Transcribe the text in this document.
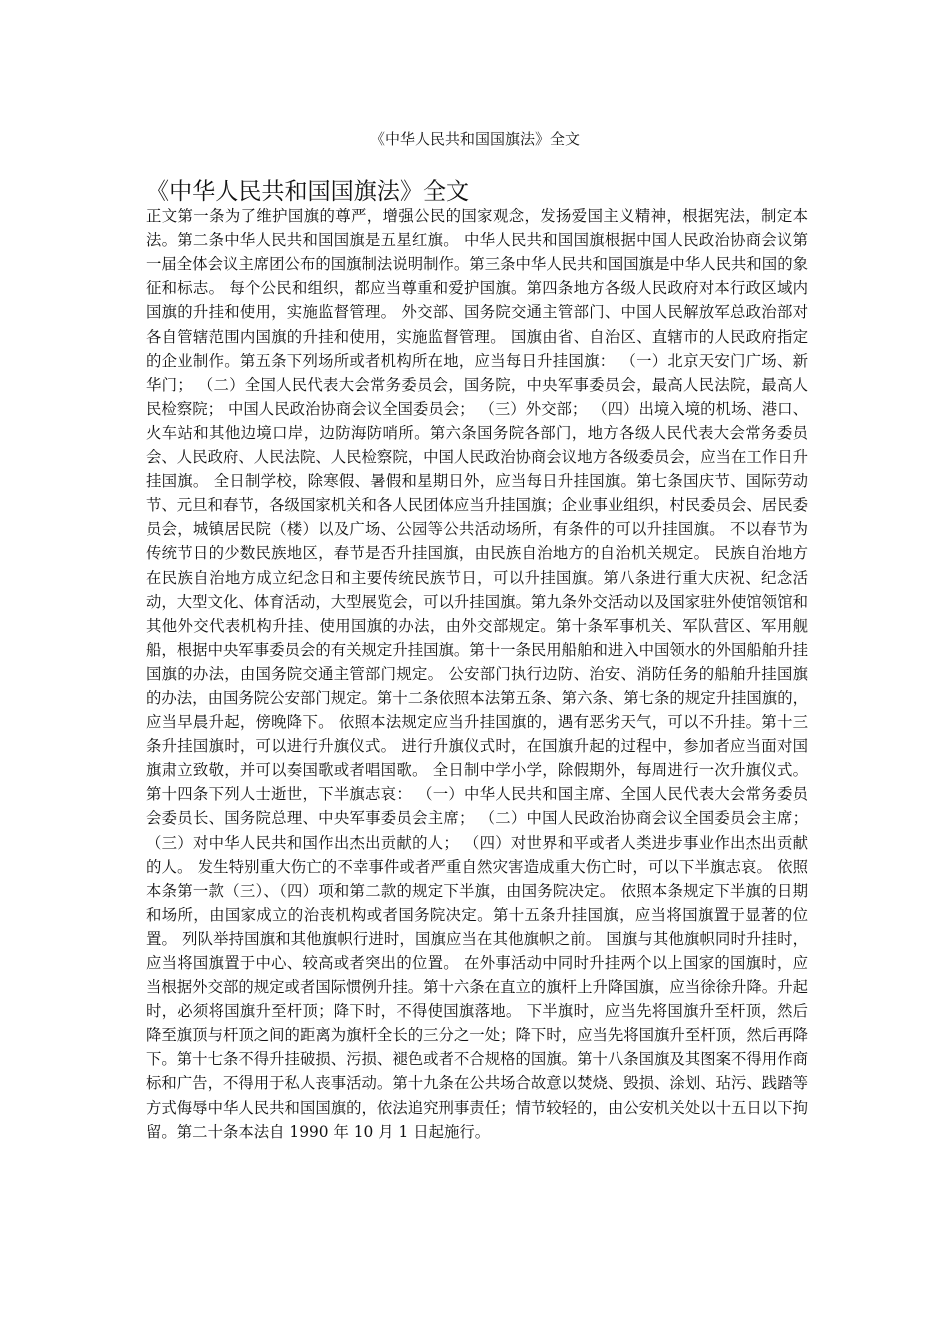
《中华人民共和国国旗法》全文
《中华人民共和国国旗法》全文

正文第一条为了维护国旗的尊严，增强公民的国家观念，发扬爱国主义精神，根据宪法，制定本法。第二条中华人民共和国国旗是五星红旗。 中华人民共和国国旗根据中国人民政治协商会议第一届全体会议主席团公布的国旗制法说明制作。第三条中华人民共和国国旗是中华人民共和国的象征和标志。 每个公民和组织，都应当尊重和爱护国旗。第四条地方各级人民政府对本行政区域内国旗的升挂和使用，实施监督管理。 外交部、国务院交通主管部门、中国人民解放军总政治部对各自管辖范围内国旗的升挂和使用，实施监督管理。 国旗由省、自治区、直辖市的人民政府指定的企业制作。第五条下列场所或者机构所在地，应当每日升挂国旗： （一）北京天安门广场、新华门； （二）全国人民代表大会常务委员会，国务院，中央军事委员会，最高人民法院，最高人民检察院； 中国人民政治协商会议全国委员会； （三）外交部； （四）出境入境的机场、港口、火车站和其他边境口岸，边防海防哨所。第六条国务院各部门，地方各级人民代表大会常务委员会、人民政府、人民法院、人民检察院，中国人民政治协商会议地方各级委员会，应当在工作日升挂国旗。 全日制学校，除寒假、暑假和星期日外，应当每日升挂国旗。第七条国庆节、国际劳动节、元旦和春节，各级国家机关和各人民团体应当升挂国旗；企业事业组织，村民委员会、居民委员会，城镇居民院（楼）以及广场、公园等公共活动场所，有条件的可以升挂国旗。 不以春节为传统节日的少数民族地区，春节是否升挂国旗，由民族自治地方的自治机关规定。 民族自治地方在民族自治地方成立纪念日和主要传统民族节日，可以升挂国旗。第八条进行重大庆祝、纪念活动，大型文化、体育活动，大型展览会，可以升挂国旗。第九条外交活动以及国家驻外使馆领馆和其他外交代表机构升挂、使用国旗的办法，由外交部规定。第十条军事机关、军队营区、军用舰船，根据中央军事委员会的有关规定升挂国旗。第十一条民用船舶和进入中国领水的外国船舶升挂国旗的办法，由国务院交通主管部门规定。 公安部门执行边防、治安、消防任务的船舶升挂国旗的办法，由国务院公安部门规定。第十二条依照本法第五条、第六条、第七条的规定升挂国旗的，应当早晨升起，傍晚降下。 依照本法规定应当升挂国旗的，遇有恶劣天气，可以不升挂。第十三条升挂国旗时，可以进行升旗仪式。 进行升旗仪式时，在国旗升起的过程中，参加者应当面对国旗肃立致敬，并可以奏国歌或者唱国歌。 全日制中学小学，除假期外，每周进行一次升旗仪式。第十四条下列人士逝世，下半旗志哀： （一）中华人民共和国主席、全国人民代表大会常务委员会委员长、国务院总理、中央军事委员会主席； （二）中国人民政治协商会议全国委员会主席； （三）对中华人民共和国作出杰出贡献的人； （四）对世界和平或者人类进步事业作出杰出贡献的人。 发生特别重大伤亡的不幸事件或者严重自然灾害造成重大伤亡时，可以下半旗志哀。 依照本条第一款（三）、（四）项和第二款的规定下半旗，由国务院决定。 依照本条规定下半旗的日期和场所，由国家成立的治丧机构或者国务院决定。第十五条升挂国旗，应当将国旗置于显著的位置。 列队举持国旗和其他旗帜行进时，国旗应当在其他旗帜之前。 国旗与其他旗帜同时升挂时，应当将国旗置于中心、较高或者突出的位置。 在外事活动中同时升挂两个以上国家的国旗时，应当根据外交部的规定或者国际惯例升挂。第十六条在直立的旗杆上升降国旗，应当徐徐升降。升起时，必须将国旗升至杆顶；降下时，不得使国旗落地。 下半旗时，应当先将国旗升至杆顶，然后降至旗顶与杆顶之间的距离为旗杆全长的三分之一处；降下时，应当先将国旗升至杆顶，然后再降下。第十七条不得升挂破损、污损、褪色或者不合规格的国旗。第十八条国旗及其图案不得用作商标和广告，不得用于私人丧事活动。第十九条在公共场合故意以焚烧、毁损、涂划、玷污、践踏等方式侮辱中华人民共和国国旗的，依法追究刑事责任；情节较轻的，由公安机关处以十五日以下拘留。第二十条本法自 1990 年 10 月 1 日起施行。
